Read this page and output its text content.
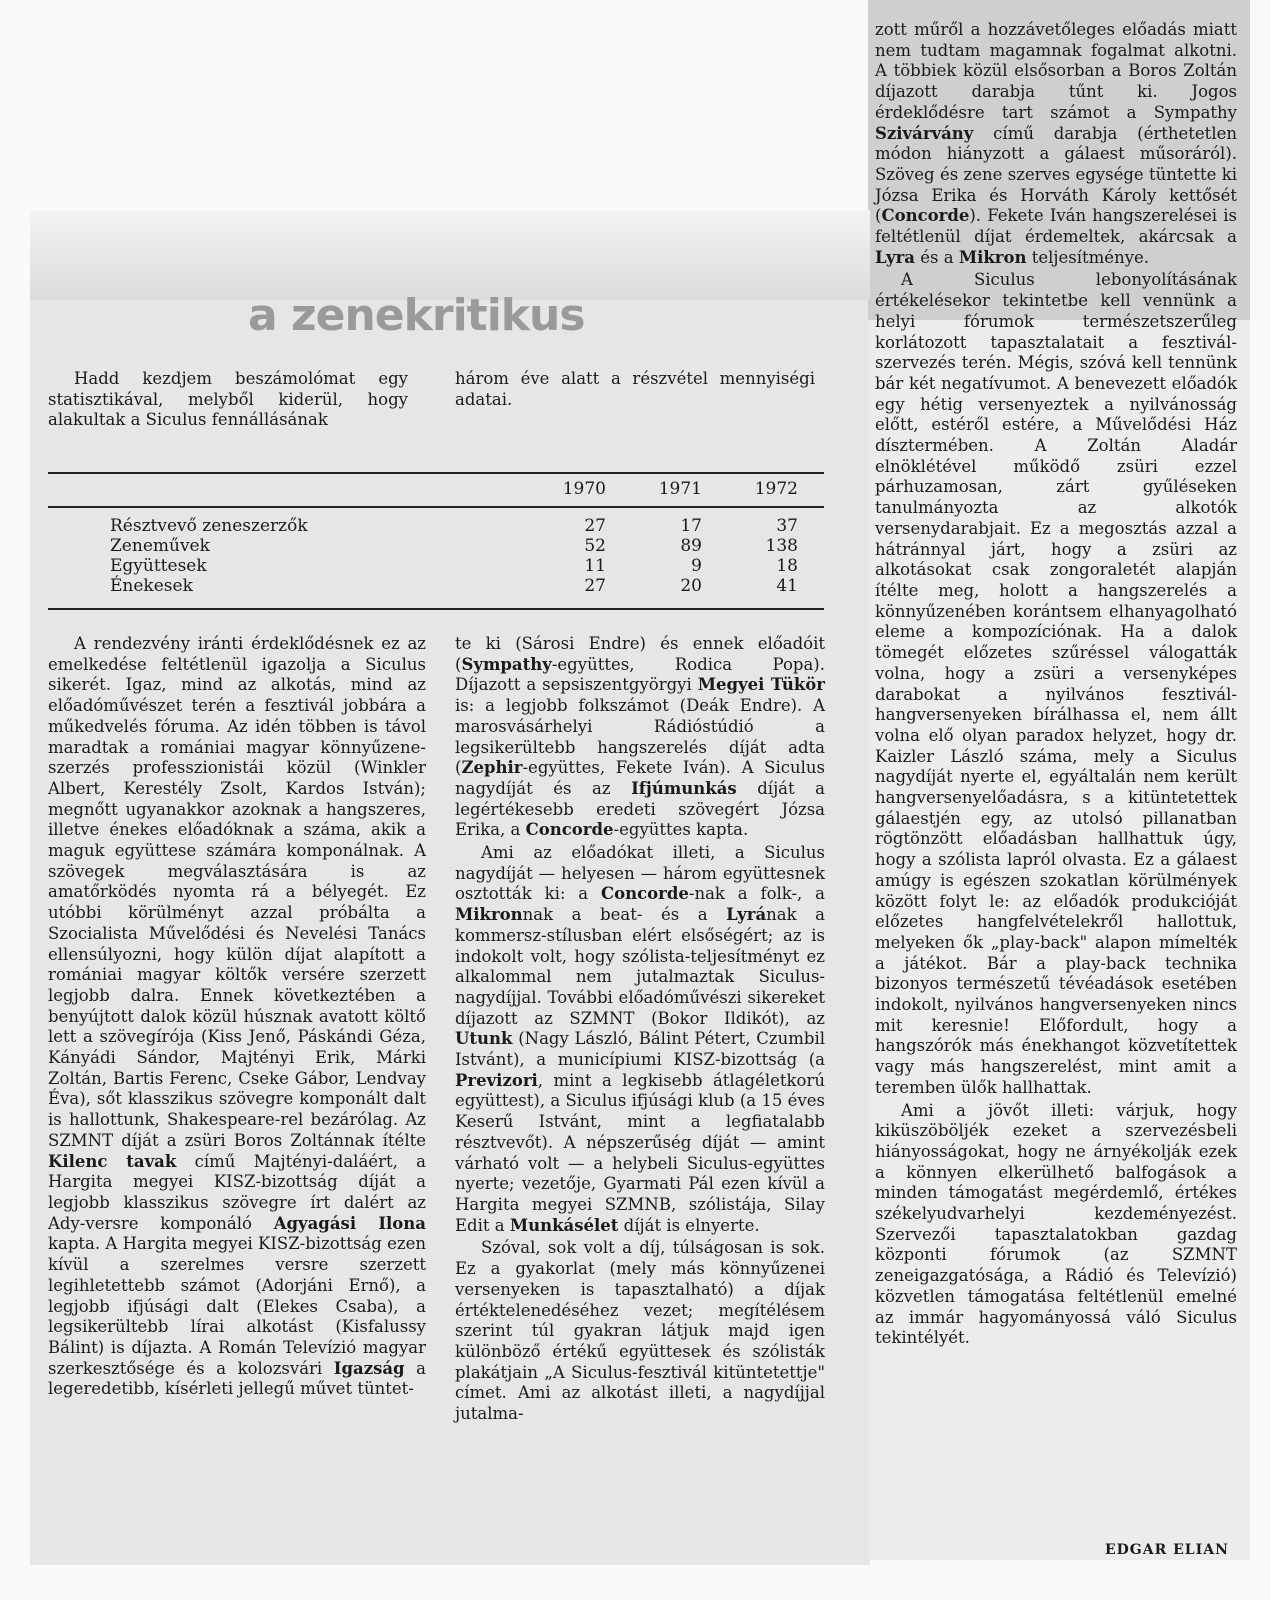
a zenekritikus

Hadd kezdjem beszámolómat egy statisztikával, melyből kiderül, hogy alakultak a Siculus fennállásának

három éve alatt a részvétel mennyiségi adatai.

	1970	1971	1972
Résztvevő zeneszerzők	27	17	37
Zeneművek	52	89	138
Együttesek	11	9	18
Énekesek	27	20	41

A rendezvény iránti érdeklődésnek ez az emelkedése feltétlenül igazolja a Siculus sikerét. Igaz, mind az alkotás, mind az előadóművészet terén a fesztivál jobbára a műkedvelés fóruma. Az idén többen is távol maradtak a romániai magyar könnyűzene-szerzés professzionistái közül (Winkler Albert, Kerestély Zsolt, Kardos István); megnőtt ugyanakkor azoknak a hangszeres, illetve énekes előadóknak a száma, akik a maguk együttese számára komponálnak. A szövegek megválasztására is az amatőrködés nyomta rá a bélyegét. Ez utóbbi körülményt azzal próbálta a Szocialista Művelődési és Nevelési Tanács ellensúlyozni, hogy külön díjat alapított a romániai magyar költők versére szerzett legjobb dalra. Ennek következtében a benyújtott dalok közül húsznak avatott költő lett a szövegírója (Kiss Jenő, Páskándi Géza, Kányádi Sándor, Majtényi Erik, Márki Zoltán, Bartis Ferenc, Cseke Gábor, Lendvay Éva), sőt klasszikus szövegre komponált dalt is hallottunk, Shakespeare-rel bezárólag. Az SZMNT díját a zsüri Boros Zoltánnak ítélte Kilenc tavak című Majtényi-daláért, a Hargita megyei KISZ-bizottság díját a legjobb klasszikus szövegre írt dalért az Ady-versre komponáló Agyagási Ilona kapta. A Hargita megyei KISZ-bizottság ezen kívül a szerelmes versre szerzett legihletettebb számot (Adorjáni Ernő), a legjobb ifjúsági dalt (Elekes Csaba), a legsikerültebb lírai alkotást (Kisfalussy Bálint) is díjazta. A Román Televízió magyar szerkesztősége és a kolozsvári Igazság a legeredetibb, kísérleti jellegű művet tüntet-

te ki (Sárosi Endre) és ennek előadóit (Sympathy-együttes, Rodica Popa). Díjazott a sepsiszentgyörgyi Megyei Tükör is: a legjobb folkszámot (Deák Endre). A marosvásárhelyi Rádióstúdió a legsikerültebb hangszerelés díját adta (Zephir-együttes, Fekete Iván). A Siculus nagydíját és az Ifjúmunkás díját a legértékesebb eredeti szövegért Józsa Erika, a Concorde-együttes kapta.

Ami az előadókat illeti, a Siculus nagydíját — helyesen — három együttesnek osztották ki: a Concorde-nak a folk-, a Mikronnak a beat- és a Lyrának a kommersz-stílusban elért elsőségért; az is indokolt volt, hogy szólista-teljesítményt ez alkalommal nem jutalmaztak Siculus-nagydíjjal. További előadóművészi sikereket díjazott az SZMNT (Bokor Ildikót), az Utunk (Nagy László, Bálint Pétert, Czumbil Istvánt), a municípiumi KISZ-bizottság (a Previzori, mint a legkisebb átlagéletkorú együttest), a Siculus ifjúsági klub (a 15 éves Keserű Istvánt, mint a legfiatalabb résztvevőt). A népszerűség díját — amint várható volt — a helybeli Siculus-együttes nyerte; vezetője, Gyarmati Pál ezen kívül a Hargita megyei SZMNB, szólistája, Silay Edit a Munkásélet díját is elnyerte.

Szóval, sok volt a díj, túlságosan is sok. Ez a gyakorlat (mely más könnyűzenei versenyeken is tapasztalható) a díjak értéktelenedéséhez vezet; megítélésem szerint túl gyakran látjuk majd igen különböző értékű együttesek és szólisták plakátjain „A Siculus-fesztivál kitüntetettje" címet. Ami az alkotást illeti, a nagydíjjal jutalma-

zott műről a hozzávetőleges előadás miatt nem tudtam magamnak fogalmat alkotni. A többiek közül elsősorban a Boros Zoltán díjazott darabja tűnt ki. Jogos érdeklődésre tart számot a Sympathy Szivárvány című darabja (érthetetlen módon hiányzott a gálaest műsoráról). Szöveg és zene szerves egysége tüntette ki Józsa Erika és Horváth Károly kettősét (Concorde). Fekete Iván hangszerelései is feltétlenül díjat érdemeltek, akárcsak a Lyra és a Mikron teljesítménye.

A Siculus lebonyolításának értékelésekor tekintetbe kell vennünk a helyi fórumok természetszerűleg korlátozott tapasztalatait a fesztivál-szervezés terén. Mégis, szóvá kell tennünk bár két negatívumot. A benevezett előadók egy hétig versenyeztek a nyilvánosság előtt, estéről estére, a Művelődési Ház dísztermében. A Zoltán Aladár elnöklétével működő zsüri ezzel párhuzamosan, zárt gyűléseken tanulmányozta az alkotók versenydarabjait. Ez a megosztás azzal a hátránnyal járt, hogy a zsüri az alkotásokat csak zongoraletét alapján ítélte meg, holott a hangszerelés a könnyűzenében korántsem elhanyagolható eleme a kompozíciónak. Ha a dalok tömegét előzetes szűréssel válogatták volna, hogy a zsüri a versenyképes darabokat a nyilvános fesztivál-hangversenyeken bírálhassa el, nem állt volna elő olyan paradox helyzet, hogy dr. Kaizler László száma, mely a Siculus nagydíját nyerte el, egyáltalán nem került hangversenyelőadásra, s a kitüntetettek gálaestjén egy, az utolsó pillanatban rögtönzött előadásban hallhattuk úgy, hogy a szólista lapról olvasta. Ez a gálaest amúgy is egészen szokatlan körülmények között folyt le: az előadók produkcióját előzetes hangfelvételekről hallottuk, melyeken ők „play-back" alapon mímelték a játékot. Bár a play-back technika bizonyos természetű tévéadások esetében indokolt, nyilvános hangversenyeken nincs mit keresnie! Előfordult, hogy a hangszórók más énekhangot közvetítettek vagy más hangszerelést, mint amit a teremben ülők hallhattak.

Ami a jövőt illeti: várjuk, hogy kiküszöböljék ezeket a szervezésbeli hiányosságokat, hogy ne árnyékolják ezek a könnyen elkerülhető balfogások a minden támogatást megérdemlő, értékes székelyudvarhelyi kezdeményezést. Szervezői tapasztalatokban gazdag központi fórumok (az SZMNT zeneigazgatósága, a Rádió és Televízió) közvetlen támogatása feltétlenül emelné az immár hagyományossá váló Siculus tekintélyét.

EDGAR ELIAN
